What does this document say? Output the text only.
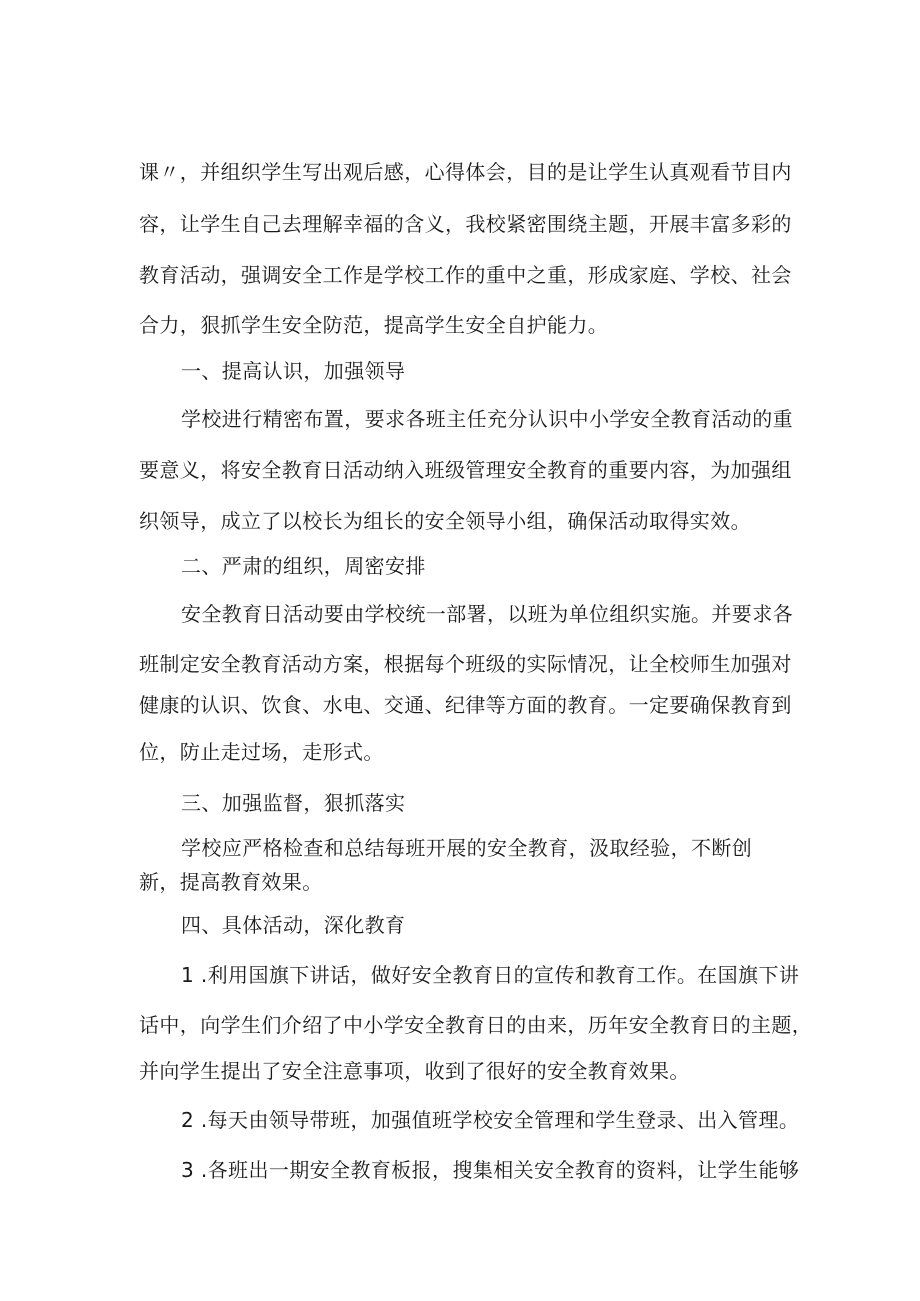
课〃，并组织学生写出观后感，心得体会，目的是让学生认真观看节目内
容，让学生自己去理解幸福的含义，我校紧密围绕主题，开展丰富多彩的
教育活动，强调安全工作是学校工作的重中之重，形成家庭、学校、社会
合力，狠抓学生安全防范，提高学生安全自护能力。
一、提高认识，加强领导
学校进行精密布置，要求各班主任充分认识中小学安全教育活动的重
要意义，将安全教育日活动纳入班级管理安全教育的重要内容，为加强组
织领导，成立了以校长为组长的安全领导小组，确保活动取得实效。
二、严肃的组织，周密安排
安全教育日活动要由学校统一部署，以班为单位组织实施。并要求各
班制定安全教育活动方案，根据每个班级的实际情况，让全校师生加强对
健康的认识、饮食、水电、交通、纪律等方面的教育。一定要确保教育到
位，防止走过场，走形式。
三、加强监督，狠抓落实
学校应严格检查和总结每班开展的安全教育，汲取经验，不断创
新，提高教育效果。
四、具体活动，深化教育
1 .利用国旗下讲话，做好安全教育日的宣传和教育工作。在国旗下讲
话中，向学生们介绍了中小学安全教育日的由来，历年安全教育日的主题，
并向学生提出了安全注意事项，收到了很好的安全教育效果。
2 .每天由领导带班，加强值班学校安全管理和学生登录、出入管理。
3 .各班出一期安全教育板报，搜集相关安全教育的资料，让学生能够
